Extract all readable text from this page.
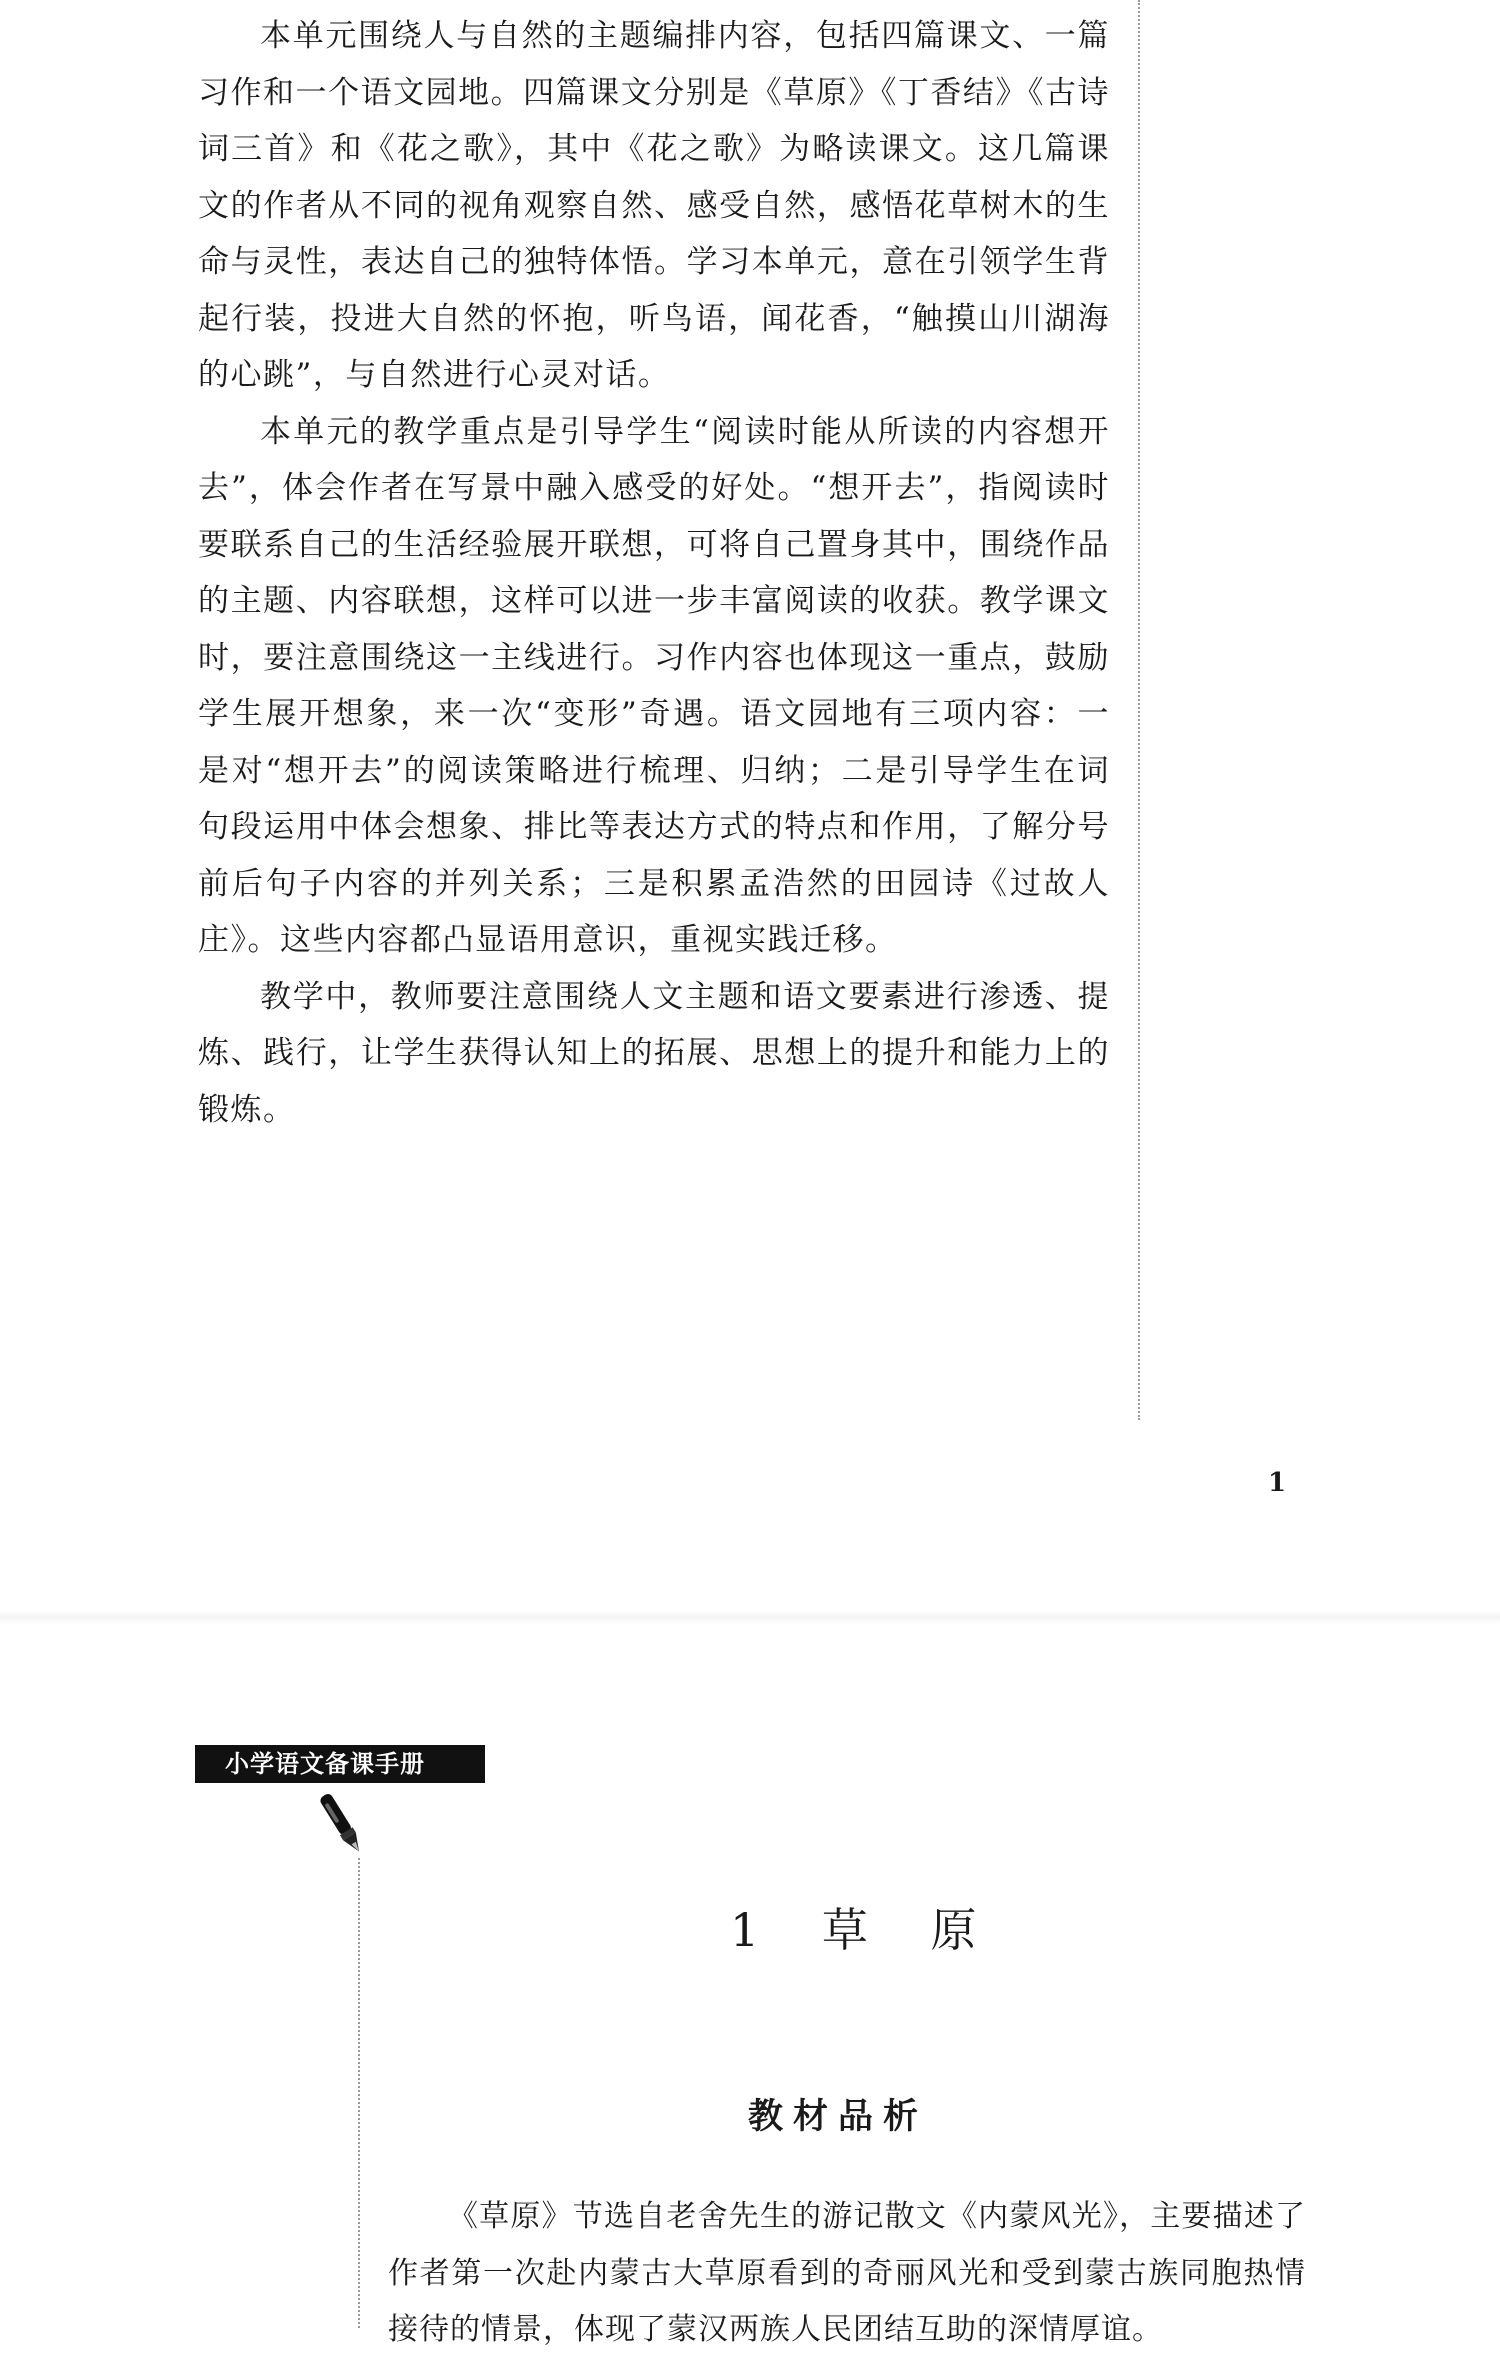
本单元围绕人与自然的主题编排内容，包括四篇课文、一篇习作和一个语文园地。四篇课文分别是《草原》《丁香结》《古诗词三首》和《花之歌》，其中《花之歌》为略读课文。这几篇课文的作者从不同的视角观察自然、感受自然，感悟花草树木的生命与灵性，表达自己的独特体悟。学习本单元，意在引领学生背起行装，投进大自然的怀抱，听鸟语，闻花香，“触摸山川湖海的心跳”，与自然进行心灵对话。

本单元的教学重点是引导学生“阅读时能从所读的内容想开去”，体会作者在写景中融入感受的好处。“想开去”，指阅读时要联系自己的生活经验展开联想，可将自己置身其中，围绕作品的主题、内容联想，这样可以进一步丰富阅读的收获。教学课文时，要注意围绕这一主线进行。习作内容也体现这一重点，鼓励学生展开想象，来一次“变形”奇遇。语文园地有三项内容：一是对“想开去”的阅读策略进行梳理、归纳；二是引导学生在词句段运用中体会想象、排比等表达方式的特点和作用，了解分号前后句子内容的并列关系；三是积累孟浩然的田园诗《过故人庄》。这些内容都凸显语用意识，重视实践迁移。

教学中，教师要注意围绕人文主题和语文要素进行渗透、提炼、践行，让学生获得认知上的拓展、思想上的提升和能力上的锻炼。

1
小学语文备课手册
1 草 原
教材品析

《草原》节选自老舍先生的游记散文《内蒙风光》，主要描述了作者第一次赴内蒙古大草原看到的奇丽风光和受到蒙古族同胞热情接待的情景，体现了蒙汉两族人民团结互助的深情厚谊。
